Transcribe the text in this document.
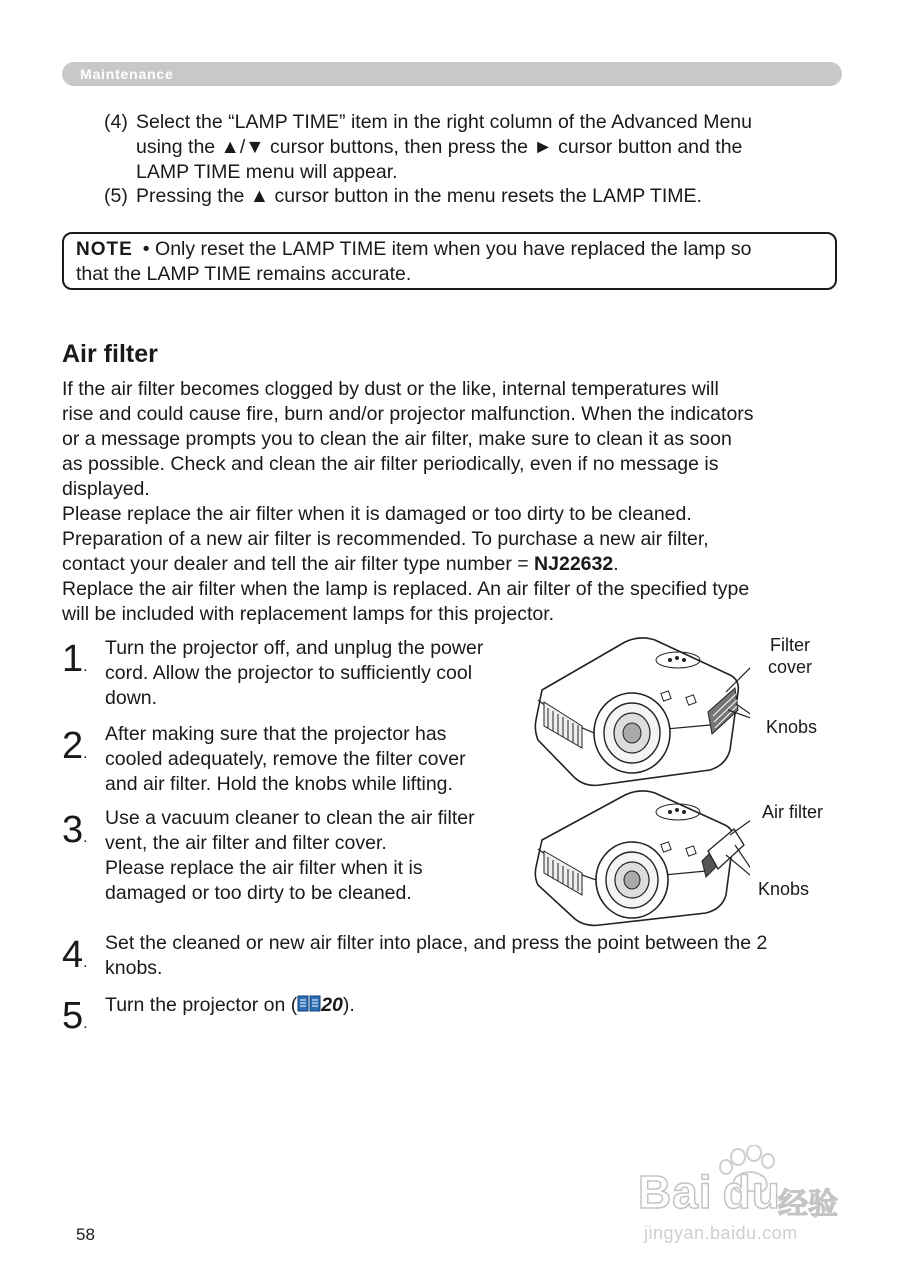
Maintenance
(4) Select the “LAMP TIME” item in the right column of the Advanced Menu
using the ▲/▼ cursor buttons, then press the ► cursor button and the
LAMP TIME menu will appear.
(5) Pressing the ▲ cursor button in the menu resets the LAMP TIME.
NOTE • Only reset the LAMP TIME item when you have replaced the lamp so
that the LAMP TIME remains accurate.
Air filter
If the air filter becomes clogged by dust or the like, internal temperatures will
rise and could cause fire, burn and/or projector malfunction. When the indicators
or a message prompts you to clean the air filter, make sure to clean it as soon
as possible. Check and clean the air filter periodically, even if no message is
displayed.
Please replace the air filter when it is damaged or too dirty to be cleaned.
Preparation of a new air filter is recommended. To purchase a new air filter,
contact your dealer and tell the air filter type number = NJ22632.
Replace the air filter when the lamp is replaced. An air filter of the specified type
will be included with replacement lamps for this projector.
1.
Turn the projector off, and unplug the power
cord. Allow the projector to sufficiently cool
down.
2.
After making sure that the projector has
cooled adequately, remove the filter cover
and air filter. Hold the knobs while lifting.
3.
Use a vacuum cleaner to clean the air filter
vent, the air filter and filter cover.
Please replace the air filter when it is
damaged or too dirty to be cleaned.
4.
Set the cleaned or new air filter into place, and press the point between the 2
knobs.
5.
Turn the projector on ( 20).
Filter
cover
Knobs
Air filter
Knobs
58
Bai du
经验
jingyan.baidu.com
